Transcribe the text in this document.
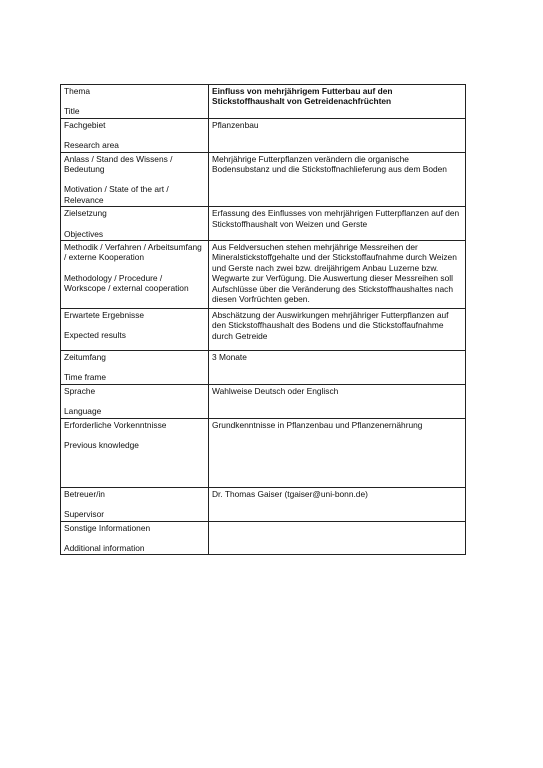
Thema
Title	Einfluss von mehrjährigem Futterbau auf den Stickstoffhaushalt von Getreidenachfrüchten

Fachgebiet
Research area	Pflanzenbau

Anlass / Stand des Wissens / Bedeutung
Motivation / State of the art / Relevance	Mehrjährige Futterpflanzen verändern die organische Bodensubstanz und die Stickstoffnachlieferung aus dem Boden

Zielsetzung
Objectives	Erfassung des Einflusses von mehrjährigen Futterpflanzen auf den Stickstoffhaushalt von Weizen und Gerste

Methodik / Verfahren / Arbeitsumfang / externe Kooperation
Methodology / Procedure / Workscope / external cooperation	Aus Feldversuchen stehen mehrjährige Messreihen der Mineralstickstoffgehalte und der Stickstoffaufnahme durch Weizen und Gerste nach zwei bzw. dreijährigem Anbau Luzerne bzw. Wegwarte zur Verfügung. Die Auswertung dieser Messreihen soll Aufschlüsse über die Veränderung des Stickstoffhaushaltes nach diesen Vorfrüchten geben.

Erwartete Ergebnisse
Expected results	Abschätzung der Auswirkungen mehrjähriger Futterpflanzen auf den Stickstoffhaushalt des Bodens und die Stickstoffaufnahme durch Getreide

Zeitumfang
Time frame	3 Monate

Sprache
Language	Wahlweise Deutsch oder Englisch

Erforderliche Vorkenntnisse
Previous knowledge	Grundkenntnisse in Pflanzenbau und Pflanzenernährung

Betreuer/in
Supervisor	Dr. Thomas Gaiser (tgaiser@uni-bonn.de)

Sonstige Informationen
Additional information	
